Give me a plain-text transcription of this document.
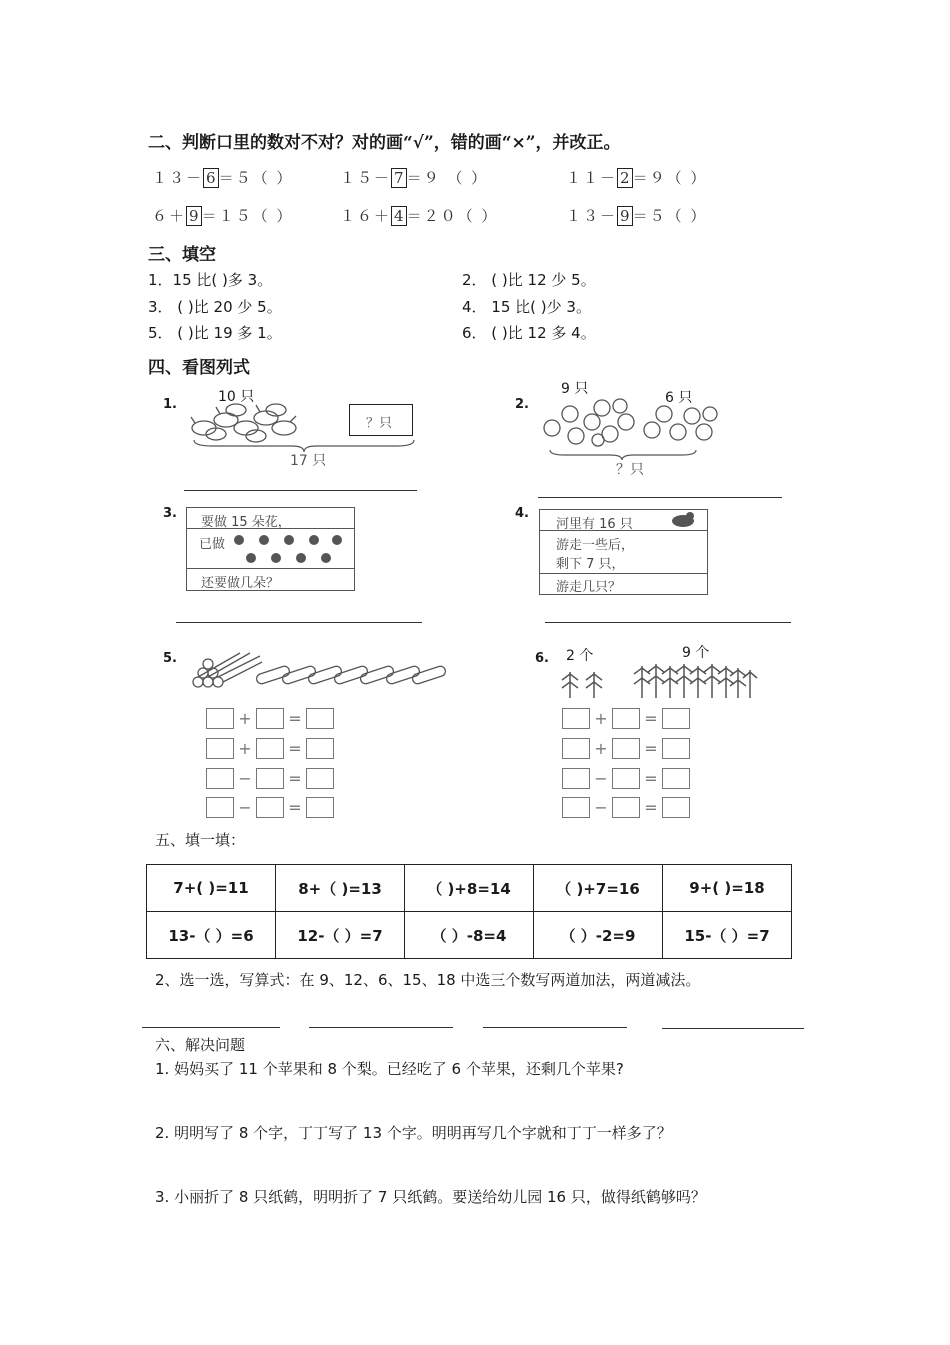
二、判断口里的数对不对？对的画“√”，错的画“×”，并改正。
１３－ 6 ＝５（ ）	１５－ 7 ＝９ （ ）	１１－ 2 ＝９（ ）
６＋ 9 ＝１５（ ）	１６＋ 4 ＝２０（ ）	１３－ 9 ＝５（ ）
三、填空
1．15 比( )多 3。	2． ( )比 12 少 5。
3． ( )比 20 少 5。	4． 15 比( )少 3。
5． ( )比 19 多 1。	6． ( )比 12 多 4。
四、看图列式
1.	10 只
？只
17 只
2.
9 只
6 只
？只
3.
要做 15 朵花，
已做
还要做几朵？
4.
河里有 16 只
游走一些后，
剩下 7 只，
游走几只？
5.
+ =
+ =
− =
− =
6. 2 个	9 个
+ =
+ =
− =
− =
五、填一填：
7+( )=11	8+（ )=13	（ )+8=14	（ )+7=16	9+( )=18
13-（ ）=6	12-（ ）=7	（ ）-8=4	（ ）-2=9	15-（ ）=7
2、选一选，写算式：在 9、12、6、15、18 中选三个数写两道加法，两道减法。
六、解决问题
1. 妈妈买了 11 个苹果和 8 个梨。已经吃了 6 个苹果，还剩几个苹果?
2. 明明写了 8 个字，丁丁写了 13 个字。明明再写几个字就和丁丁一样多了？
3. 小丽折了 8 只纸鹤，明明折了 7 只纸鹤。要送给幼儿园 16 只，做得纸鹤够吗？
